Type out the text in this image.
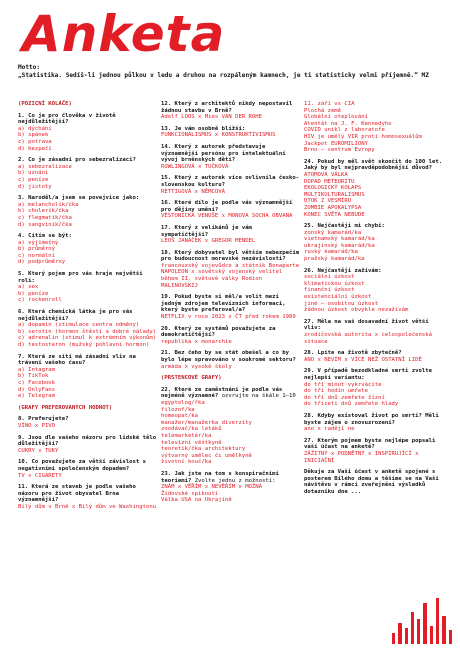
Anketa
Motto:
„Statistika. Sedíš-li jednou půlkou v ledu a druhou na rozpáleným kamnech, je ti statisticky velmi příjemně.“ MZ
(POZICNÍ KOLÁČE)
1. Co je pro člověka v životě nejdůležitější?
a) dýchání
b) spánek
c) potrava
d) bezpečí
2. Co je zásadní pro sebezralizaci?
a) sebezralizace
b) uznání
c) peníze
d) jistoty
3. Naroděl/a jsem se povejvice jako:
a) melancholik/čka
b) cholerik/čka
c) flegmatik/čka
d) sangvinik/čka
4. Cítím se být:
a) výjimečný
b) průměrný
c) normální
d) podprůměrný
5. Který pojem pro vás hraje největší roli:
a) sex
b) peníze
c) rockenroll
6. Která chemická látka je pro vás nejdůležitější?
a) dopamin (stimulace centra odměny)
b) serotin (hormon štěstí a dobré nálady)
c) adrenalin (stimul k extrémním výkonům)
d) testosteron (mužský pohlavní hormon)
7. Která ze sítí má zásadní vliv na trávení vašeho času?
a) Intagram
b) TikTok
c) Facebook
d) OnlyFans
e) Telegram
(GRAFY PREFEROVANÝCH HODNOT)
8. Preferujete?
VÍNO x PIVO
9. Jsou dle vašeho názoru pro lidské tělo důležitější?
CUKRY x TUKY
10. Co považujete za větší závislost s negativnímí společenským dopadem?
TV x CIGARETY
11. Která ze staveb je podle vašeho názoru pro život obyvatel Brna významnější?
Bílý dům v Brně x Bílý dům ve Washingtonu
12. Který z architektů nikdy nepostavil žádnou stavbu v Brně?
Adolf LOOS x Mies VAN DER ROHE
13. Je vám osobně bližší:
FUNKCIONALISMUS x KONSTRUKTIVISMUS
14. Který z autorek představuje významnější persónu pro intelektuální vývoj brněnských dětí?
ROWLINGOVÁ x TUČKOVÁ
15. Který z autorek více ovlivnila česko-slovenskou kulturu?
RETTIGOVÁ x NĚMCOVÁ
16. Které dílo je podle vás významnější pro dějiny umění?
VĚSTONICKÁ VENUŠE x MONOVA SOCHA OBVANA
17. Který z velikánů je vám sympatičtější?
LEOŠ JANÁČEK x GREGOR MENDEL
18. Který dobyvatel byl větším nebezpečím pro budoucnost moravské nezávislosti?
francouzský vojevůdce a státník Bonaparte NAPOLEON x sovětský vojenský velitel během II. světové války Rodion MALINOVSKIJ
19. Pokud byste si měl/a volit mezi jedným zdrojem televizních informací, který byste preferoval/a?
NETFLIX v roce 2023 x ČT před rokem 1989
20. Který ze systémů považujete za demokratičtější?
republika x monarchie
21. Bez čeho by se stát obešel a co by bylo lépe spravováno v soukromé sektoru?
armáda x vysoké školy
(PRSTENCOVÉ GRAFY)
22. Které ze zaměstnání je podle vás nejméně významné? ozvrujte na škále 1–10
egyptolog/řka
filozof/ka
homeopat/ka
manažer/manažerka diverzity
zoodávač/ka letáků
telemarketér/ka
televizní věštkyně
teoretik/čka architektury
výtvarný umělec či umělkyně
životní kouč/ka
23. Jak jste na tom s konspiračními teoriemi? Zvolte jednu z možností:
ZNÁM x VĚŘÍM x NEVĚŘÍM x MOŽNÁ
Židovské spiknutí
Válka USA na Ukrajině
11. září vs CIA
Plochá země
Globální oteplování
Atentát na J. F. Kennedyho
COVID unikl z laboratoře
HIV je umělý VIR proti homosexuálům
Jackpot EUROMILIONY
Brno – centrum Evropy
24. Pokud by měl svět skončit do 100 let. Jaký by byl nejpravděpodobnější důvod?
ATOMOVÁ VÁLKA
DOPAD METEORITU
EKOLOGICKÝ KOLAPS
MULTIKULTURALISMUS
ÚTOK Z VESMÍRU
ZOMBIE APOKALYPSA
KONEC SVĚTA NEBUDE
25. Nejčastěji mi chybí:
zonský kamarád/ka
vietnamský kamarád/ka
ukrajinský kamarád/ka
ruský kamarád/ka
pražský kamarád/ka
26. Nejčastěji zažívám:
sociální úzkost
klimatickou úzkost
finanční úzkost
existenciální úzkost
jiné – osobitou úzkost
žádnou úzkost obvykle nezažívám
27. Měla na vaš dosavadní život větší vliv:
zrodičovská autorita x celospolečenská situace
28. Lpíte na životě zbytečně?
ANO x NEVÍM x VÍCE NEŽ OSTATNÍ LIDÉ
29. V případě bezodkladné smrti zvolte nejlepší variantu:
do tří minut vykrvácíte
do tří hodin umřete
do tří dnů zemřete žízní
do třiceti dnů zemřete hlady
28. Kdyby existoval život po smrti? Měli byste zájem o znovuzrození?
ano x radějí ne
27. Kterým pojmem byste nejlépe popsali vaší účast na anketě?
ZÁŽITNÝ x PODNĚTNÝ x INSPIRUJÍCÍ x INICIAČNÍ
Děkuje za Vaši účast v anketě spojené s posterem Bílého domu a těšíme se na Vaši návštěvu v rámci zveřejnění výsledků dotazníku dne ...
